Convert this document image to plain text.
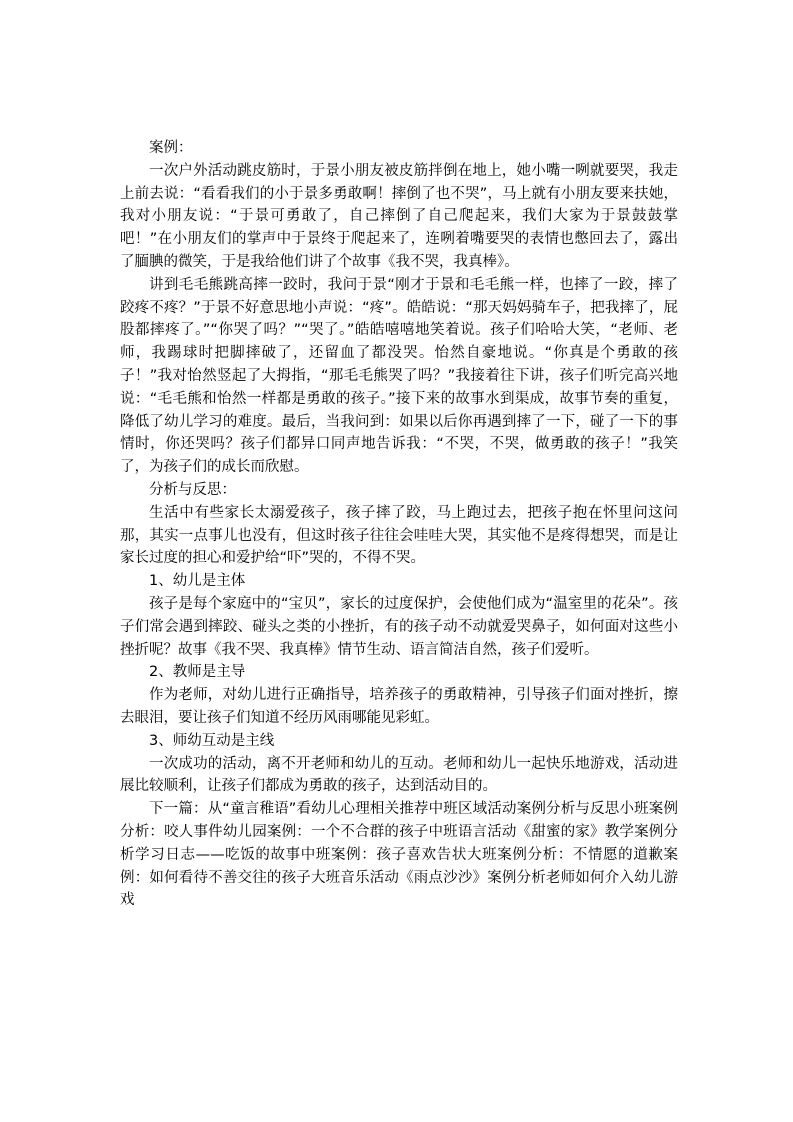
案例：

一次户外活动跳皮筋时，于景小朋友被皮筋拌倒在地上，她小嘴一咧就要哭，我走上前去说：“看看我们的小于景多勇敢啊！摔倒了也不哭”，马上就有小朋友要来扶她，我对小朋友说：“于景可勇敢了，自己摔倒了自己爬起来，我们大家为于景鼓鼓掌吧！”在小朋友们的掌声中于景终于爬起来了，连咧着嘴要哭的表情也憋回去了，露出了腼腆的微笑，于是我给他们讲了个故事《我不哭，我真棒》。

讲到毛毛熊跳高摔一跤时，我问于景“刚才于景和毛毛熊一样，也摔了一跤，摔了跤疼不疼？”于景不好意思地小声说：“疼”。皓皓说：“那天妈妈骑车子，把我摔了，屁股都摔疼了。”“你哭了吗？”“哭了。”皓皓嘻嘻地笑着说。孩子们哈哈大笑，“老师、老师，我踢球时把脚摔破了，还留血了都没哭。怡然自豪地说。“你真是个勇敢的孩子！”我对怡然竖起了大拇指，“那毛毛熊哭了吗？”我接着往下讲，孩子们听完高兴地说：“毛毛熊和怡然一样都是勇敢的孩子。”接下来的故事水到渠成，故事节奏的重复，降低了幼儿学习的难度。最后，当我问到：如果以后你再遇到摔了一下，碰了一下的事情时，你还哭吗？孩子们都异口同声地告诉我：“不哭，不哭，做勇敢的孩子！”我笑了，为孩子们的成长而欣慰。

分析与反思：

生活中有些家长太溺爱孩子，孩子摔了跤，马上跑过去，把孩子抱在怀里问这问那，其实一点事儿也没有，但这时孩子往往会哇哇大哭，其实他不是疼得想哭，而是让家长过度的担心和爱护给“吓”哭的，不得不哭。

1、幼儿是主体

孩子是每个家庭中的“宝贝”，家长的过度保护，会使他们成为“温室里的花朵”。孩子们常会遇到摔跤、碰头之类的小挫折，有的孩子动不动就爱哭鼻子，如何面对这些小挫折呢？故事《我不哭、我真棒》情节生动、语言简洁自然，孩子们爱听。

2、教师是主导

作为老师，对幼儿进行正确指导，培养孩子的勇敢精神，引导孩子们面对挫折，擦去眼泪，要让孩子们知道不经历风雨哪能见彩虹。

3、师幼互动是主线

一次成功的活动，离不开老师和幼儿的互动。老师和幼儿一起快乐地游戏，活动进展比较顺利，让孩子们都成为勇敢的孩子，达到活动目的。

下一篇：从“童言稚语”看幼儿心理相关推荐中班区域活动案例分析与反思小班案例分析：咬人事件幼儿园案例：一个不合群的孩子中班语言活动《甜蜜的家》教学案例分析学习日志——吃饭的故事中班案例：孩子喜欢告状大班案例分析：不情愿的道歉案例：如何看待不善交往的孩子大班音乐活动《雨点沙沙》案例分析老师如何介入幼儿游戏
